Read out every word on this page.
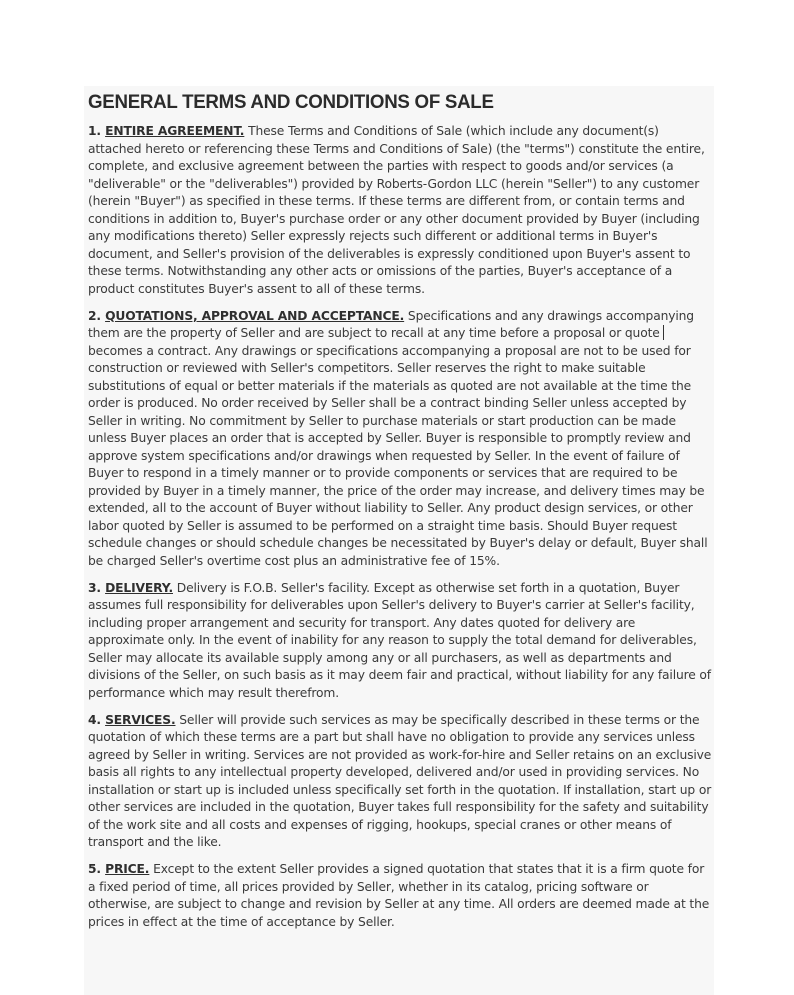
GENERAL TERMS AND CONDITIONS OF SALE

1. ENTIRE AGREEMENT. These Terms and Conditions of Sale (which include any document(s) attached hereto or referencing these Terms and Conditions of Sale) (the "terms") constitute the entire, complete, and exclusive agreement between the parties with respect to goods and/or services (a "deliverable" or the "deliverables") provided by Roberts-Gordon LLC (herein "Seller") to any customer (herein "Buyer") as specified in these terms. If these terms are different from, or contain terms and conditions in addition to, Buyer's purchase order or any other document provided by Buyer (including any modifications thereto) Seller expressly rejects such different or additional terms in Buyer's document, and Seller's provision of the deliverables is expressly conditioned upon Buyer's assent to these terms. Notwithstanding any other acts or omissions of the parties, Buyer's acceptance of a product constitutes Buyer's assent to all of these terms.

2. QUOTATIONS, APPROVAL AND ACCEPTANCE. Specifications and any drawings accompanying them are the property of Seller and are subject to recall at any time before a proposal or quote becomes a contract. Any drawings or specifications accompanying a proposal are not to be used for construction or reviewed with Seller's competitors. Seller reserves the right to make suitable substitutions of equal or better materials if the materials as quoted are not available at the time the order is produced. No order received by Seller shall be a contract binding Seller unless accepted by Seller in writing. No commitment by Seller to purchase materials or start production can be made unless Buyer places an order that is accepted by Seller. Buyer is responsible to promptly review and approve system specifications and/or drawings when requested by Seller. In the event of failure of Buyer to respond in a timely manner or to provide components or services that are required to be provided by Buyer in a timely manner, the price of the order may increase, and delivery times may be extended, all to the account of Buyer without liability to Seller. Any product design services, or other labor quoted by Seller is assumed to be performed on a straight time basis. Should Buyer request schedule changes or should schedule changes be necessitated by Buyer's delay or default, Buyer shall be charged Seller's overtime cost plus an administrative fee of 15%.

3. DELIVERY. Delivery is F.O.B. Seller's facility. Except as otherwise set forth in a quotation, Buyer assumes full responsibility for deliverables upon Seller's delivery to Buyer's carrier at Seller's facility, including proper arrangement and security for transport. Any dates quoted for delivery are approximate only. In the event of inability for any reason to supply the total demand for deliverables, Seller may allocate its available supply among any or all purchasers, as well as departments and divisions of the Seller, on such basis as it may deem fair and practical, without liability for any failure of performance which may result therefrom.

4. SERVICES. Seller will provide such services as may be specifically described in these terms or the quotation of which these terms are a part but shall have no obligation to provide any services unless agreed by Seller in writing. Services are not provided as work-for-hire and Seller retains on an exclusive basis all rights to any intellectual property developed, delivered and/or used in providing services. No installation or start up is included unless specifically set forth in the quotation. If installation, start up or other services are included in the quotation, Buyer takes full responsibility for the safety and suitability of the work site and all costs and expenses of rigging, hookups, special cranes or other means of transport and the like.

5. PRICE. Except to the extent Seller provides a signed quotation that states that it is a firm quote for a fixed period of time, all prices provided by Seller, whether in its catalog, pricing software or otherwise, are subject to change and revision by Seller at any time. All orders are deemed made at the prices in effect at the time of acceptance by Seller.
